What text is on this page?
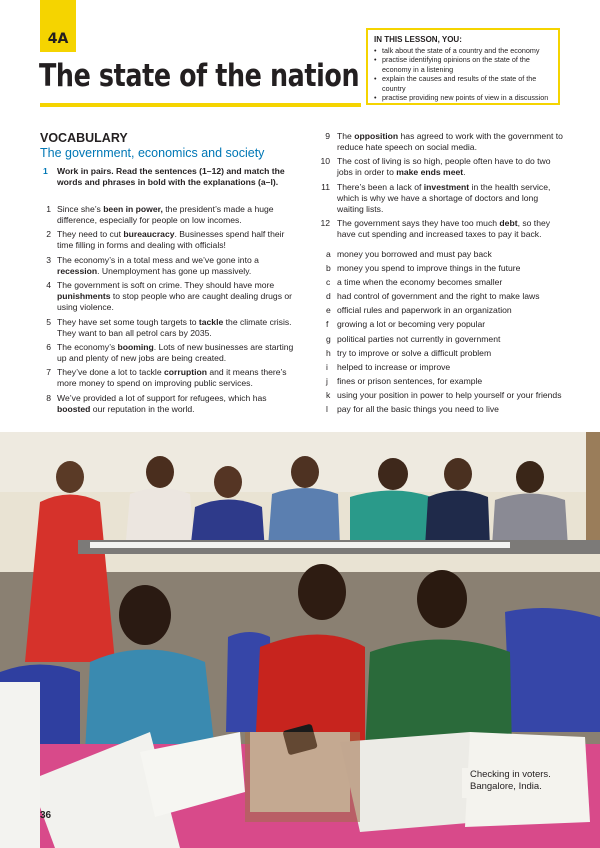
4A
The state of the nation
IN THIS LESSON, YOU:
• talk about the state of a country and the economy
• practise identifying opinions on the state of the economy in a listening
• explain the causes and results of the state of the country
• practise providing new points of view in a discussion
VOCABULARY
The government, economics and society
1	Work in pairs. Read the sentences (1–12) and match the words and phrases in bold with the explanations (a–l).
1 Since she’s been in power, the president’s made a huge difference, especially for people on low incomes.
2 They need to cut bureaucracy. Businesses spend half their time filling in forms and dealing with officials!
3 The economy’s in a total mess and we’ve gone into a recession. Unemployment has gone up massively.
4 The government is soft on crime. They should have more punishments to stop people who are caught dealing drugs or using violence.
5 They have set some tough targets to tackle the climate crisis. They want to ban all petrol cars by 2035.
6 The economy’s booming. Lots of new businesses are starting up and plenty of new jobs are being created.
7 They’ve done a lot to tackle corruption and it means there’s more money to spend on improving public services.
8 We’ve provided a lot of support for refugees, which has boosted our reputation in the world.
9 The opposition has agreed to work with the government to reduce hate speech on social media.
10 The cost of living is so high, people often have to do two jobs in order to make ends meet.
11 There’s been a lack of investment in the health service, which is why we have a shortage of doctors and long waiting lists.
12 The government says they have too much debt, so they have cut spending and increased taxes to pay it back.
a money you borrowed and must pay back
b money you spend to improve things in the future
c a time when the economy becomes smaller
d had control of government and the right to make laws
e official rules and paperwork in an organization
f growing a lot or becoming very popular
g political parties not currently in government
h try to improve or solve a difficult problem
i helped to increase or improve
j fines or prison sentences, for example
k using your position in power to help yourself or your friends
l pay for all the basic things you need to live
Checking in voters.
Bangalore, India.
36
